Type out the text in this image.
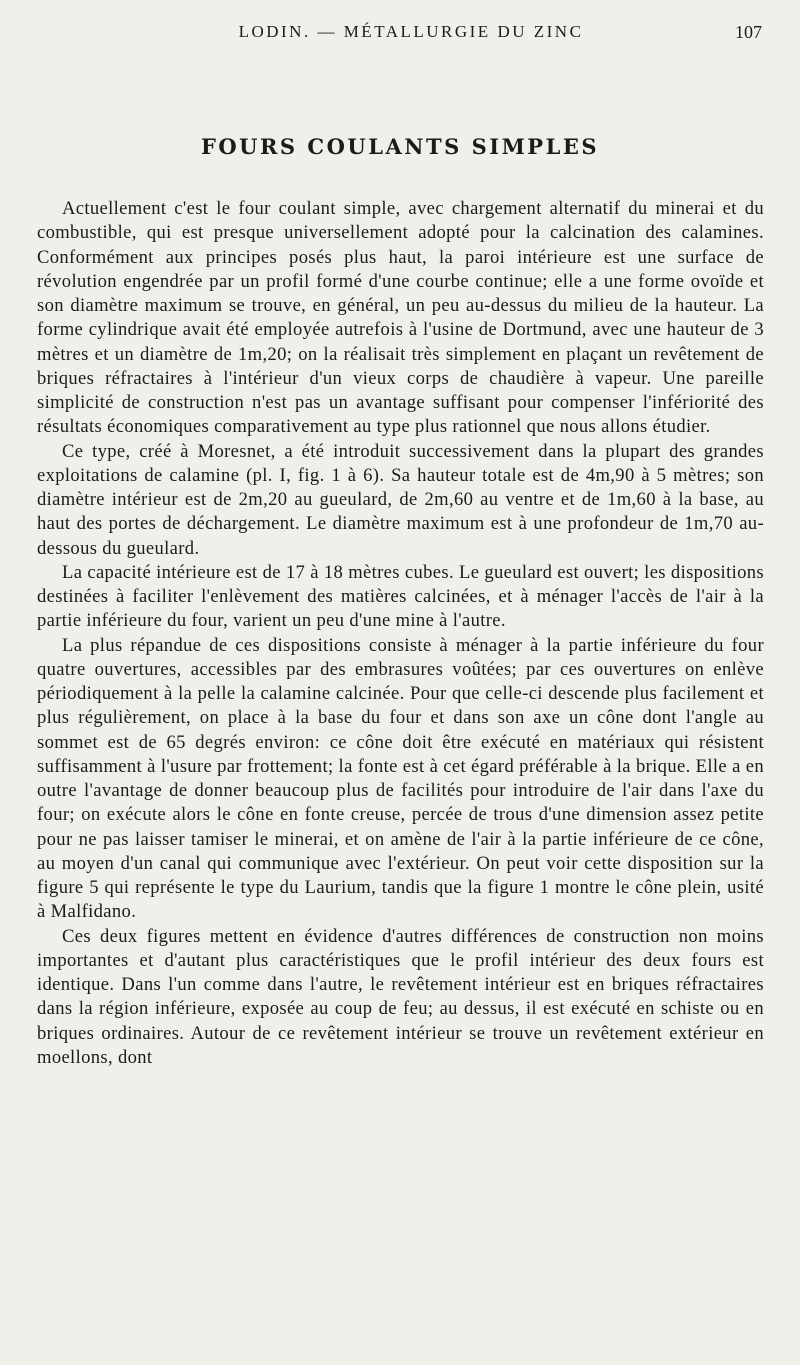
LODIN. — MÉTALLURGIE DU ZINC	107
FOURS COULANTS SIMPLES

Actuellement c'est le four coulant simple, avec chargement alternatif du minerai et du combustible, qui est presque universellement adopté pour la calcination des calamines. Conformément aux principes posés plus haut, la paroi intérieure est une surface de révolution engendrée par un profil formé d'une courbe continue; elle a une forme ovoïde et son diamètre maximum se trouve, en général, un peu au-dessus du milieu de la hauteur. La forme cylindrique avait été employée autrefois à l'usine de Dortmund, avec une hauteur de 3 mètres et un diamètre de 1m,20; on la réalisait très simplement en plaçant un revêtement de briques réfractaires à l'intérieur d'un vieux corps de chaudière à vapeur. Une pareille simplicité de construction n'est pas un avantage suffisant pour compenser l'infériorité des résultats économiques comparativement au type plus rationnel que nous allons étudier.

Ce type, créé à Moresnet, a été introduit successivement dans la plupart des grandes exploitations de calamine (pl. I, fig. 1 à 6). Sa hauteur totale est de 4m,90 à 5 mètres; son diamètre intérieur est de 2m,20 au gueulard, de 2m,60 au ventre et de 1m,60 à la base, au haut des portes de déchargement. Le diamètre maximum est à une profondeur de 1m,70 au-dessous du gueulard.

La capacité intérieure est de 17 à 18 mètres cubes. Le gueulard est ouvert; les dispositions destinées à faciliter l'enlèvement des matières calcinées, et à ménager l'accès de l'air à la partie inférieure du four, varient un peu d'une mine à l'autre.

La plus répandue de ces dispositions consiste à ménager à la partie inférieure du four quatre ouvertures, accessibles par des embrasures voûtées; par ces ouvertures on enlève périodiquement à la pelle la calamine calcinée. Pour que celle-ci descende plus facilement et plus régulièrement, on place à la base du four et dans son axe un cône dont l'angle au sommet est de 65 degrés environ: ce cône doit être exécuté en matériaux qui résistent suffisamment à l'usure par frottement; la fonte est à cet égard préférable à la brique. Elle a en outre l'avantage de donner beaucoup plus de facilités pour introduire de l'air dans l'axe du four; on exécute alors le cône en fonte creuse, percée de trous d'une dimension assez petite pour ne pas laisser tamiser le minerai, et on amène de l'air à la partie inférieure de ce cône, au moyen d'un canal qui communique avec l'extérieur. On peut voir cette disposition sur la figure 5 qui représente le type du Laurium, tandis que la figure 1 montre le cône plein, usité à Malfidano.

Ces deux figures mettent en évidence d'autres différences de construction non moins importantes et d'autant plus caractéristiques que le profil intérieur des deux fours est identique. Dans l'un comme dans l'autre, le revêtement intérieur est en briques réfractaires dans la région inférieure, exposée au coup de feu; au dessus, il est exécuté en schiste ou en briques ordinaires. Autour de ce revêtement intérieur se trouve un revêtement extérieur en moellons, dont
